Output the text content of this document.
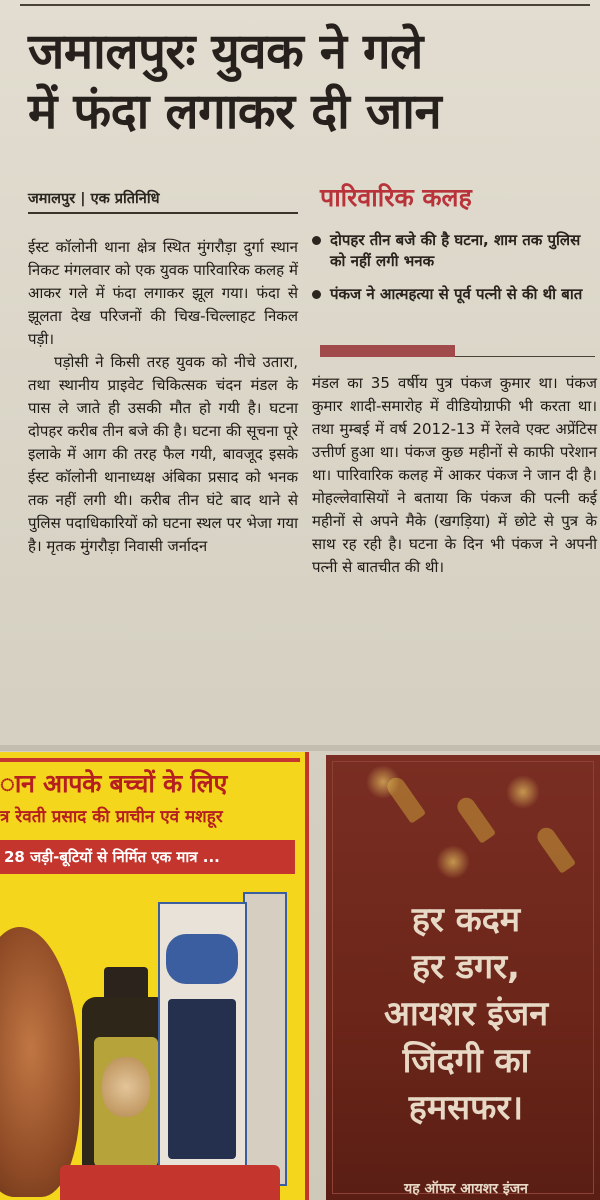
जमालपुरः युवक ने गले
में फंदा लगाकर दी जान
जमालपुर | एक प्रतिनिधि	पारिवारिक कलह
दोपहर तीन बजे की है घटना, शाम तक पुलिस को नहीं लगी भनक
पंकज ने आत्महत्या से पूर्व पत्नी से की थी बात

ईस्ट कॉलोनी थाना क्षेत्र स्थित मुंगरौड़ा दुर्गा स्थान निकट मंगलवार को एक युवक पारिवारिक कलह में आकर गले में फंदा लगाकर झूल गया। फंदा से झूलता देख परिजनों की चिख-चिल्लाहट निकल पड़ी।

पड़ोसी ने किसी तरह युवक को नीचे उतारा, तथा स्थानीय प्राइवेट चिकित्सक चंदन मंडल के पास ले जाते ही उसकी मौत हो गयी है। घटना दोपहर करीब तीन बजे की है। घटना की सूचना पूरे इलाके में आग की तरह फैल गयी, बावजूद इसके ईस्ट कॉलोनी थानाध्यक्ष अंबिका प्रसाद को भनक तक नहीं लगी थी। करीब तीन घंटे बाद थाने से पुलिस पदाधिकारियों को घटना स्थल पर भेजा गया है। मृतक मुंगरौड़ा निवासी जर्नादन

मंडल का 35 वर्षीय पुत्र पंकज कुमार था। पंकज कुमार शादी-समारोह में वीडियोग्राफी भी करता था। तथा मुम्बई में वर्ष 2012-13 में रेलवे एक्ट अप्रेंटिस उत्तीर्ण हुआ था। पंकज कुछ महीनों से काफी परेशान था। पारिवारिक कलह में आकर पंकज ने जान दी है। मोहल्लेवासियों ने बताया कि पंकज की पत्नी कई महीनों से अपने मैके (खगड़िया) में छोटे से पुत्र के साथ रह रही है। घटना के दिन भी पंकज ने अपनी पत्नी से बातचीत की थी।

ान आपके बच्चों के लिए
त्र रेवती प्रसाद की प्राचीन एवं मशहूर
28 जड़ी-बूटियों से निर्मित एक मात्र ...
हर कदम
हर डगर,
आयशर इंजन
जिंदगी का
हमसफर।
यह ऑफर आयशर इंजन
